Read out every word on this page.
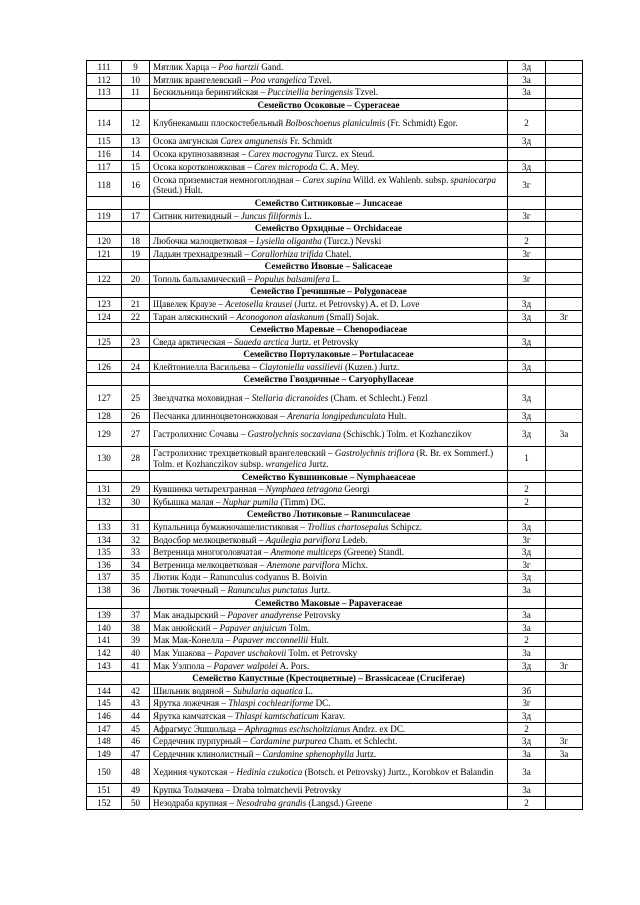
111	9	Мятлик Харца – Poa hartzii Gand.	3д		
112	10	Мятлик врангелевский – Poa vrangelica Tzvel.	3а		
113	11	Бескильница берингийская – Puccinellia beringensis Tzvel.	3а		
		Семейство Осоковые – Cyperaceae			
114	12	Клубнекамыш плоскостебельный Bolboschoenus planiculmis (Fr. Schmidt) Egor.	2		
115	13	Осока амгунская Carex amgunensis Fr. Schmidt	3д		
116	14	Осока крупнозавязная – Carex macrogyna Turcz. ex Steud.			
117	15	Осока коротконожковая – Carex micropoda C. A. Mey.	3д		
118	16	Осока приземистая немногоплодная – Carex supina Willd. ex Wahlenb. subsp. spaniocarpa (Steud.) Hult.	3г		
		Семейство Ситниковые – Juncaceae			
119	17	Ситник нитевидный – Juncus filiformis L.	3г		
		Семейство Орхидные – Orchidaceae			
120	18	Любочка малоцветковая – Lysiella oligantha (Turcz.) Nevski	2		
121	19	Ладьян трехнадрезный – Corallorhiza trifida Chatel.	3г		
		Семейство Ивовые – Salicaceae			
122	20	Тополь бальзамический – Populus balsamifera L.	3г		
		Семейство Гречишные – Polygonaceae			
123	21	Щавелек Краузе – Acetosella krausei (Jurtz. et Petrovsky) A. et D. Love	3д		
124	22	Таран аляскинский – Aconogonon alaskanum (Small) Sojak.	3д	3г	
		Семейство Маревые – Chenopodiaceae			
125	23	Сведа арктическая – Suaeda arctica Jurtz. et Petrovsky	3д		
		Семейство Портулаковые – Portulacaceae			
126	24	Клейтониелла Васильева – Claytoniella vassilievii (Kuzen.) Jurtz.	3д		
		Семейство Гвоздичные – Caryophyllaceae			
127	25	Звездчатка моховидная – Stellaria dicranoides (Cham. et Schlecht.) Fenzl	3д		
128	26	Песчанка длинноцветоножковая – Arenaria longipedunculata Hult.	3д		
129	27	Гастролихнис Сочавы – Gastrolychnis soczaviana (Schischk.) Tolm. et Kozhanczikov	3д	3а	
130	28	Гастролихнис трехцветковый врангелевский – Gastrolychnis triflora (R. Br. ex Sommerf.) Tolm. et Kozhanczikov subsp. wrangelica Jurtz.	1		
		Семейство Кувшинковые – Nymphaeaceae			
131	29	Кувшинка четырехгранная – Nymphaea tetragona Georgi	2		
132	30	Кубышка малая – Nuphar pumila (Timm) DC.	2		
		Семейство Лютиковые – Ranunculaceae			
133	31	Купальница бумажночашелистиковая – Trollius chartosepalus Schipcz.	3д		
134	32	Водосбор мелкоцветковый – Aquilegia parviflora Ledeb.	3г		
135	33	Ветреница многоголовчатая – Anemone multiceps (Greene) Standl.	3д		
136	34	Ветреница мелкоцветковая – Anemone parviflora Michx.	3г		
137	35	Лютик Коди – Ranunculus codyanus B. Boivin	3д		
138	36	Лютик точечный – Ranunculus punctatus Jurtz.	3а		
		Семейство Маковые – Papaveraceae			
139	37	Мак анадырский – Papaver anadyrense Petrovsky	3а		
140	38	Мак анюйский – Papaver anjuicum Tolm.	3а		
141	39	Мак Мак-Конелла – Papaver mcconnellii Hult.	2		
142	40	Мак Ушакова – Papaver uschakovii Tolm. et Petrovsky	3а		
143	41	Мак Уэлпола – Papaver walpolei A. Pors.	3д	3г	
		Семейство Капустные (Крестоцветные) – Brassicaceae (Cruciferae)			
144	42	Шильник водяной – Subularia aquatica L.	3б		
145	43	Ярутка ложечная – Thlaspi cochleariforme DC.	3г		
146	44	Ярутка камчатская – Thlaspi kamtschaticum Karav.	3д		
147	45	Афрагмус Эшшольца – Aphragmus eschscholtzianus Andrz. ex DC.	2		
148	46	Сердечник пурпурный – Cardamine purpurea Cham. et Schlecht.	3д	3г	
149	47	Сердечник клинолистный – Cardamine sphenophylla Jurtz.	3а	3а	
150	48	Хединия чукотская – Hedinia czukotica (Botsch. et Petrovsky) Jurtz., Korobkov et Balandin	3а		
151	49	Крупка Толмачева – Draba tolmatchevii Petrovsky	3а		
152	50	Незодраба крупная – Nesodraba grandis (Langsd.) Greene	2		
